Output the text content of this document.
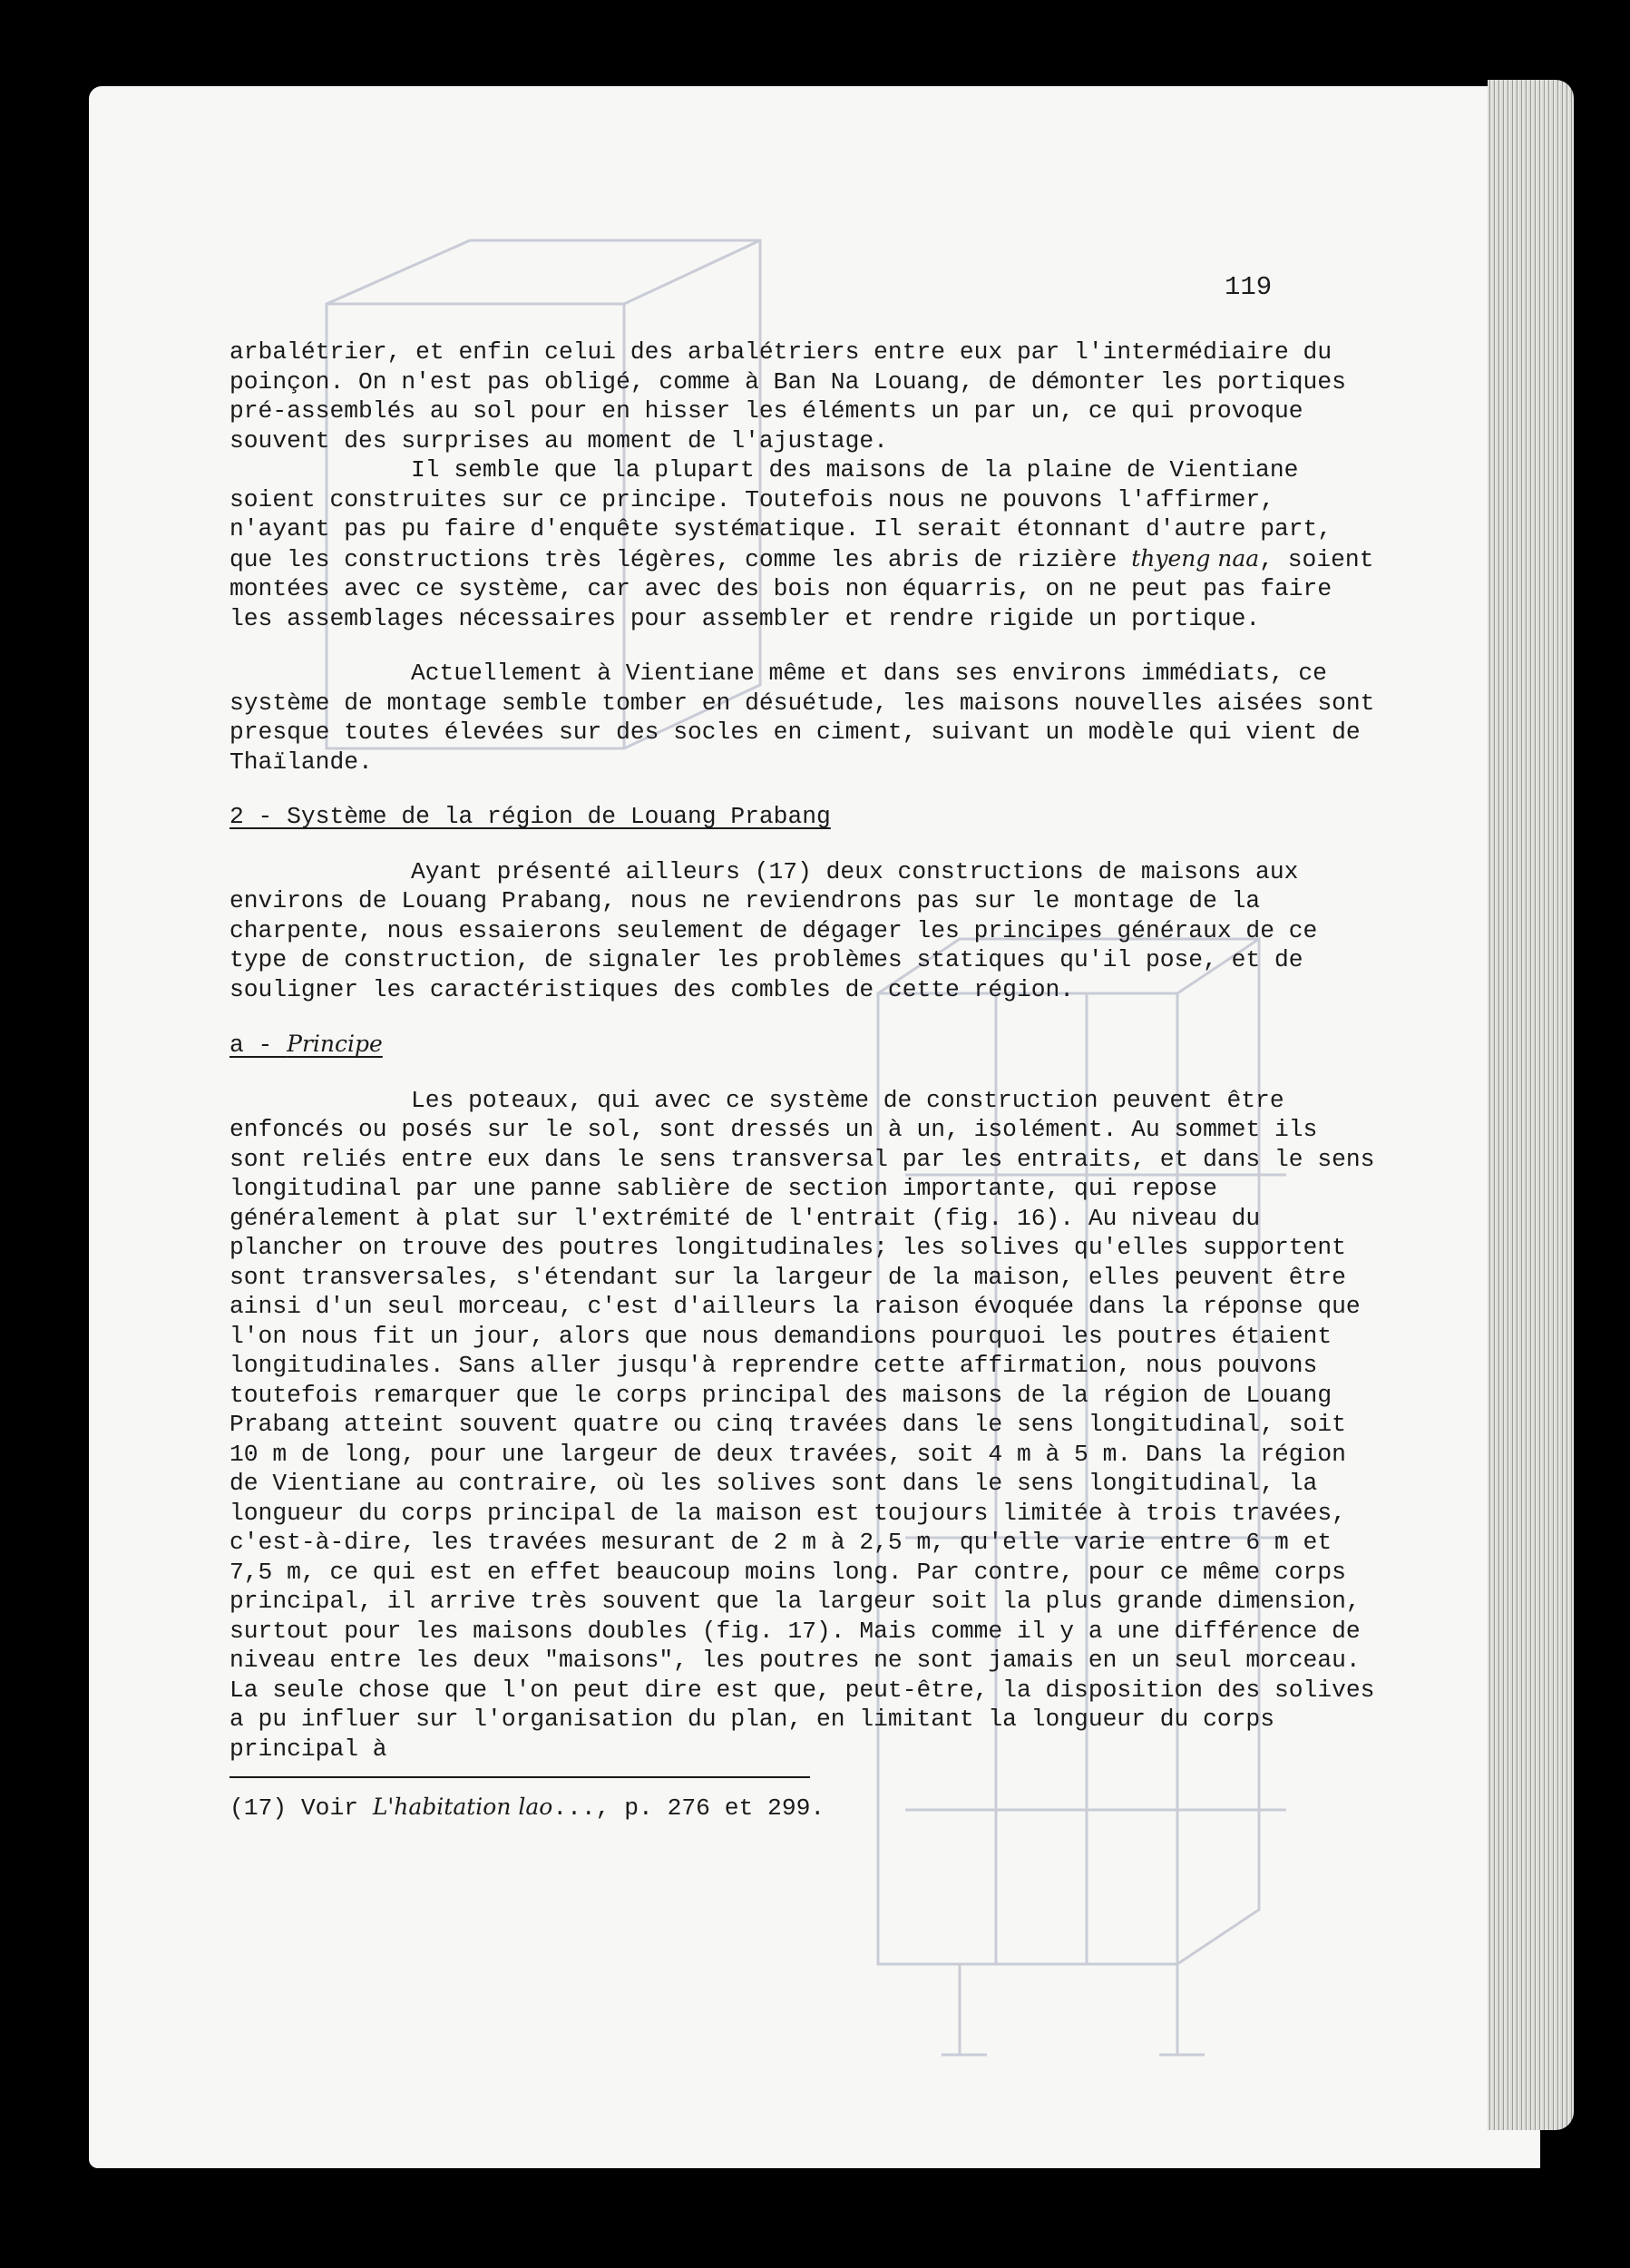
119

arbalétrier, et enfin celui des arbalétriers entre eux par l'intermédiaire du poinçon. On n'est pas obligé, comme à Ban Na Louang, de démonter les portiques pré-assemblés au sol pour en hisser les éléments un par un, ce qui provoque souvent des surprises au moment de l'ajustage.

Il semble que la plupart des maisons de la plaine de Vientiane soient construites sur ce principe. Toutefois nous ne pouvons l'affirmer, n'ayant pas pu faire d'enquête systématique. Il serait étonnant d'autre part, que les constructions très légères, comme les abris de rizière thyeng naa, soient montées avec ce système, car avec des bois non équarris, on ne peut pas faire les assemblages nécessaires pour assembler et rendre rigide un portique.

Actuellement à Vientiane même et dans ses environs immédiats, ce système de montage semble tomber en désuétude, les maisons nouvelles aisées sont presque toutes élevées sur des socles en ciment, suivant un modèle qui vient de Thaïlande.

2 - Système de la région de Louang Prabang

Ayant présenté ailleurs (17) deux constructions de maisons aux environs de Louang Prabang, nous ne reviendrons pas sur le montage de la charpente, nous essaierons seulement de dégager les principes généraux de ce type de construction, de signaler les problèmes statiques qu'il pose, et de souligner les caractéristiques des combles de cette région.

a - Principe

Les poteaux, qui avec ce système de construction peuvent être enfoncés ou posés sur le sol, sont dressés un à un, isolément. Au sommet ils sont reliés entre eux dans le sens transversal par les entraits, et dans le sens longitudinal par une panne sablière de section importante, qui repose généralement à plat sur l'extrémité de l'entrait (fig. 16). Au niveau du plancher on trouve des poutres longitudinales; les solives qu'elles supportent sont transversales, s'étendant sur la largeur de la maison, elles peuvent être ainsi d'un seul morceau, c'est d'ailleurs la raison évoquée dans la réponse que l'on nous fit un jour, alors que nous demandions pourquoi les poutres étaient longitudinales. Sans aller jusqu'à reprendre cette affirmation, nous pouvons toutefois remarquer que le corps principal des maisons de la région de Louang Prabang atteint souvent quatre ou cinq travées dans le sens longitudinal, soit 10 m de long, pour une largeur de deux travées, soit 4 m à 5 m. Dans la région de Vientiane au contraire, où les solives sont dans le sens longitudinal, la longueur du corps principal de la maison est toujours limitée à trois travées, c'est-à-dire, les travées mesurant de 2 m à 2,5 m, qu'elle varie entre 6 m et 7,5 m, ce qui est en effet beaucoup moins long. Par contre, pour ce même corps principal, il arrive très souvent que la largeur soit la plus grande dimension, surtout pour les maisons doubles (fig. 17). Mais comme il y a une différence de niveau entre les deux "maisons", les poutres ne sont jamais en un seul morceau. La seule chose que l'on peut dire est que, peut-être, la disposition des solives a pu influer sur l'organisation du plan, en limitant la longueur du corps principal à

(17) Voir L'habitation lao..., p. 276 et 299.
